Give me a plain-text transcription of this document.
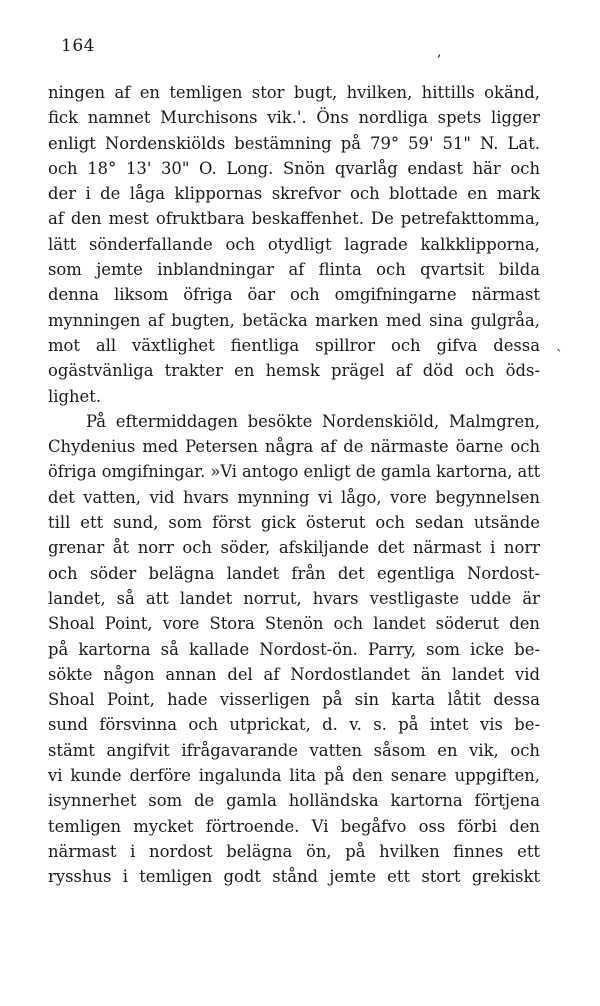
164	,
`
ningen af en temligen stor bugt, hvilken, hittills okänd,
fick namnet Murchisons vik.'. Öns nordliga spets ligger
enligt Nordenskiölds bestämning på 79° 59' 51" N. Lat.
och 18° 13' 30" O. Long. Snön qvarlåg endast här och
der i de låga klippornas skrefvor och blottade en mark
af den mest ofruktbara beskaffenhet. De petrefakttomma,
lätt sönderfallande och otydligt lagrade kalkklipporna,
som jemte inblandningar af flinta och qvartsit bilda
denna liksom öfriga öar och omgifningarne närmast
mynningen af bugten, betäcka marken med sina gulgråa,
mot all växtlighet fientliga spillror och gifva dessa
ogästvänliga trakter en hemsk prägel af död och öds-
lighet.
På eftermiddagen besökte Nordenskiöld, Malmgren,
Chydenius med Petersen några af de närmaste öarne och
öfriga omgifningar. »Vi antogo enligt de gamla kartorna, att
det vatten, vid hvars mynning vi lågo, vore begynnelsen
till ett sund, som först gick österut och sedan utsände
grenar åt norr och söder, afskiljande det närmast i norr
och söder belägna landet från det egentliga Nordost-
landet, så att landet norrut, hvars vestligaste udde är
Shoal Point, vore Stora Stenön och landet söderut den
på kartorna så kallade Nordost-ön. Parry, som icke be-
sökte någon annan del af Nordostlandet än landet vid
Shoal Point, hade visserligen på sin karta låtit dessa
sund försvinna och utprickat, d. v. s. på intet vis be-
stämt angifvit ifrågavarande vatten såsom en vik, och
vi kunde derföre ingalunda lita på den senare uppgiften,
isynnerhet som de gamla holländska kartorna förtjena
temligen mycket förtroende. Vi begåfvo oss förbi den
närmast i nordost belägna ön, på hvilken finnes ett
rysshus i temligen godt stånd jemte ett stort grekiskt
